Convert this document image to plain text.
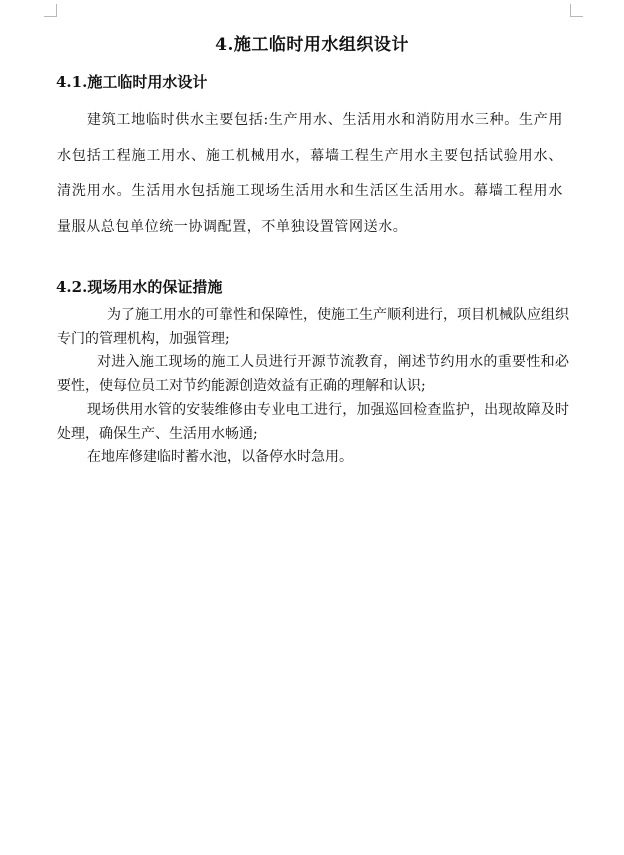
4.施工临时用水组织设计
4.1.施工临时用水设计

建筑工地临时供水主要包括:生产用水、生活用水和消防用水三种。生产用水包括工程施工用水、施工机械用水，幕墙工程生产用水主要包括试验用水、清洗用水。生活用水包括施工现场生活用水和生活区生活用水。幕墙工程用水量服从总包单位统一协调配置，不单独设置管网送水。

4.2.现场用水的保证措施

为了施工用水的可靠性和保障性，使施工生产顺利进行，项目机械队应组织专门的管理机构，加强管理;

对进入施工现场的施工人员进行开源节流教育，阐述节约用水的重要性和必要性，使每位员工对节约能源创造效益有正确的理解和认识;

现场供用水管的安装维修由专业电工进行，加强巡回检查监护，出现故障及时处理，确保生产、生活用水畅通;

在地库修建临时蓄水池，以备停水时急用。
